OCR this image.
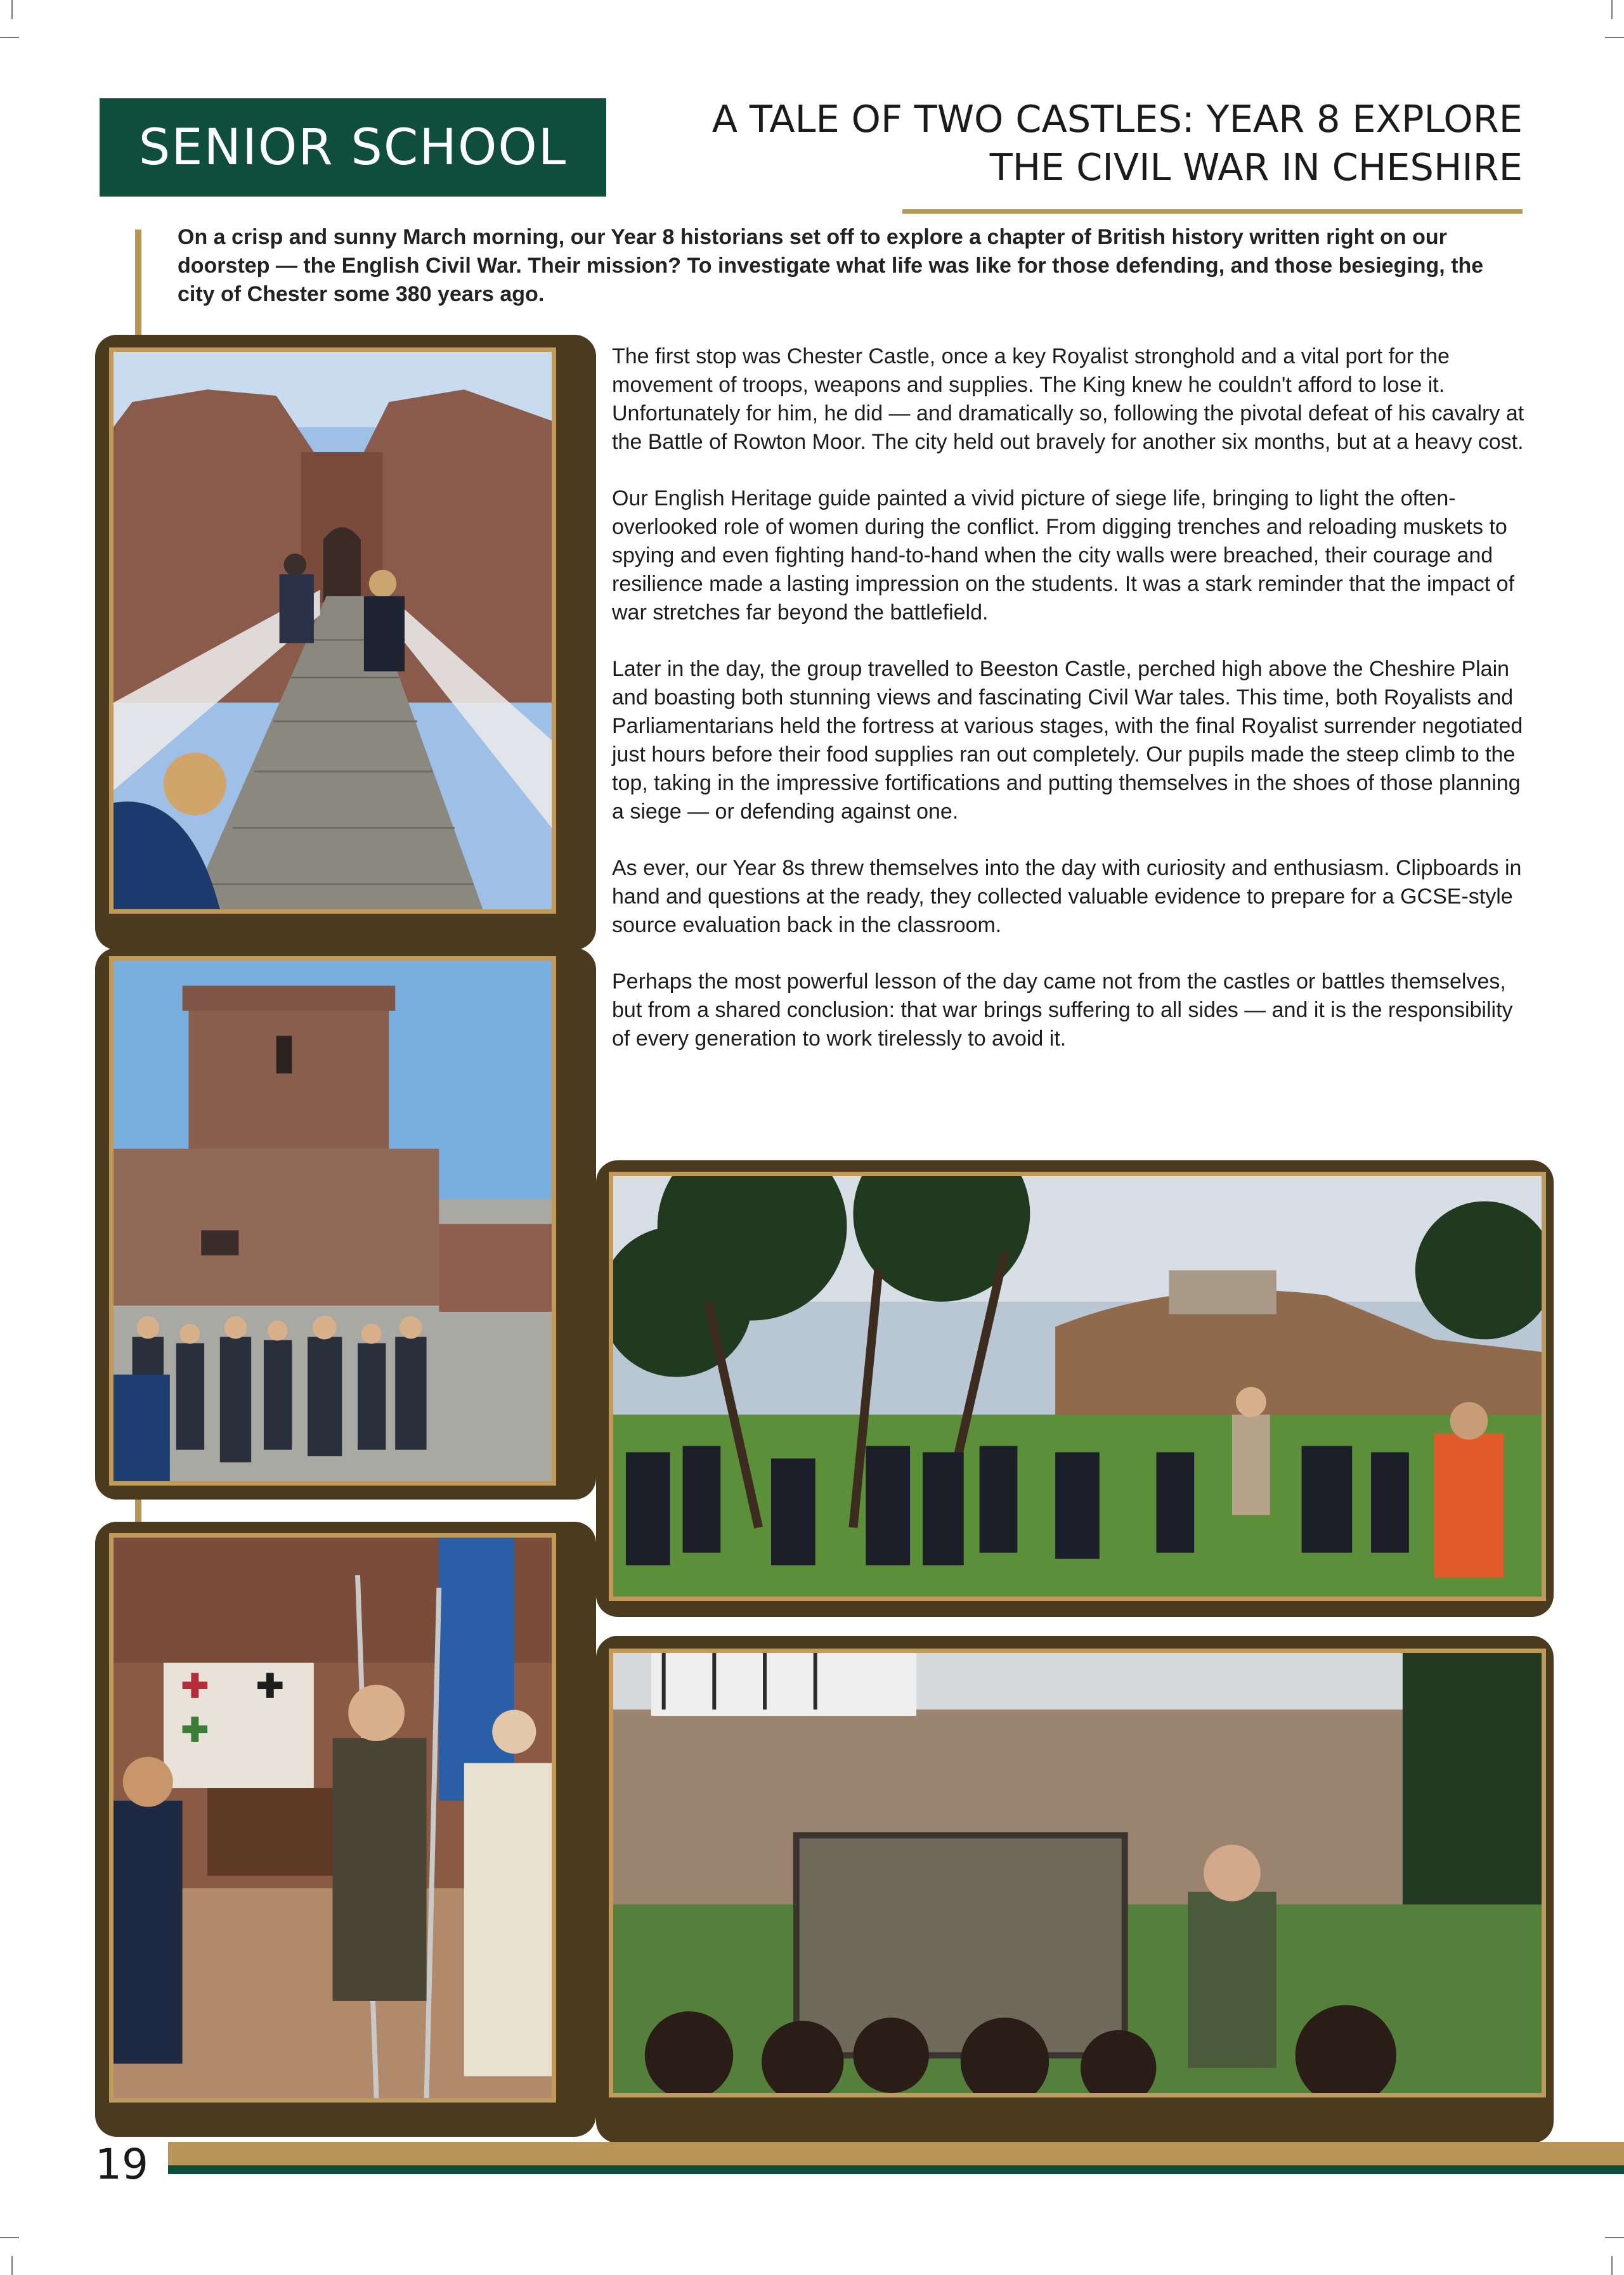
SENIOR SCHOOL	A TALE OF TWO CASTLES: YEAR 8 EXPLORE
THE CIVIL WAR IN CHESHIRE
On a crisp and sunny March morning, our Year 8 historians set off to explore a chapter of British history written right on our doorstep — the English Civil War. Their mission? To investigate what life was like for those defending, and those besieging, the city of Chester some 380 years ago.

The first stop was Chester Castle, once a key Royalist stronghold and a vital port for the movement of troops, weapons and supplies. The King knew he couldn't afford to lose it. Unfortunately for him, he did — and dramatically so, following the pivotal defeat of his cavalry at the Battle of Rowton Moor. The city held out bravely for another six months, but at a heavy cost.

Our English Heritage guide painted a vivid picture of siege life, bringing to light the often-overlooked role of women during the conflict. From digging trenches and reloading muskets to spying and even fighting hand-to-hand when the city walls were breached, their courage and resilience made a lasting impression on the students. It was a stark reminder that the impact of war stretches far beyond the battlefield.

Later in the day, the group travelled to Beeston Castle, perched high above the Cheshire Plain and boasting both stunning views and fascinating Civil War tales. This time, both Royalists and Parliamentarians held the fortress at various stages, with the final Royalist surrender negotiated just hours before their food supplies ran out completely. Our pupils made the steep climb to the top, taking in the impressive fortifications and putting themselves in the shoes of those planning a siege — or defending against one.

As ever, our Year 8s threw themselves into the day with curiosity and enthusiasm. Clipboards in hand and questions at the ready, they collected valuable evidence to prepare for a GCSE-style source evaluation back in the classroom.

Perhaps the most powerful lesson of the day came not from the castles or battles themselves, but from a shared conclusion: that war brings suffering to all sides — and it is the responsibility of every generation to work tirelessly to avoid it.

19
